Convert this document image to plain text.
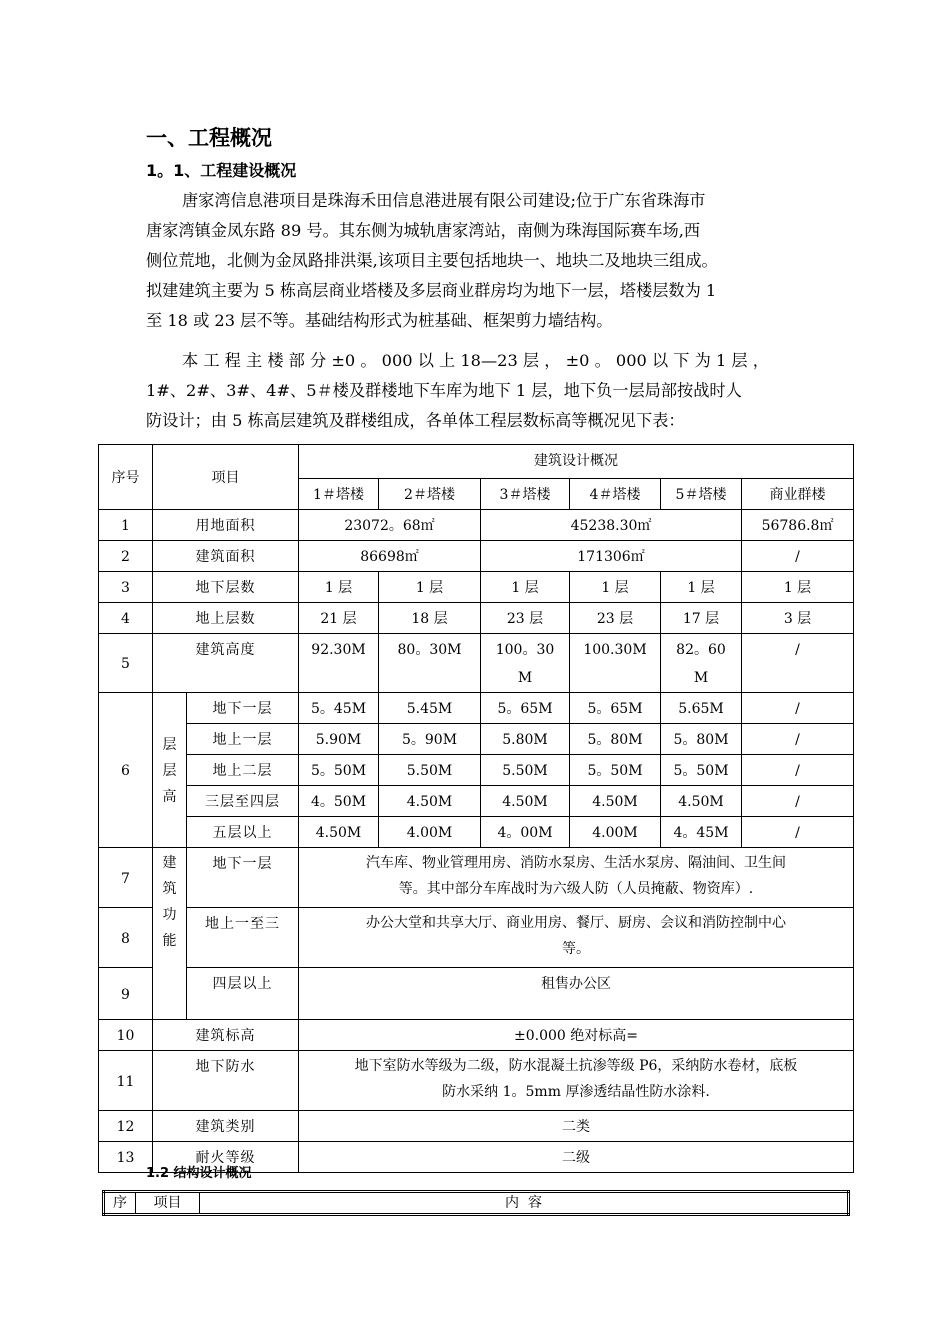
一、工程概况
1。1、工程建设概况
唐家湾信息港项目是珠海禾田信息港进展有限公司建设;位于广东省珠海市
唐家湾镇金凤东路 89 号。其东侧为城轨唐家湾站，南侧为珠海国际赛车场,西
侧位荒地，北侧为金凤路排洪渠,该项目主要包括地块一、地块二及地块三组成。
拟建建筑主要为 5 栋高层商业塔楼及多层商业群房均为地下一层，塔楼层数为 1
至 18 或 23 层不等。基础结构形式为桩基础、框架剪力墙结构。
本 工 程 主 楼 部 分 ±0 。 000 以 上 18—23 层 ， ±0 。 000 以 下 为 1 层 ，
1#、2#、3#、4#、5＃楼及群楼地下车库为地下 1 层，地下负一层局部按战时人
防设计；由 5 栋高层建筑及群楼组成，各单体工程层数标高等概况见下表：
序号	项目		建筑设计概况					
			1＃塔楼	2＃塔楼	3＃塔楼	4＃塔楼	5＃塔楼	商业群楼
1	用地面积		23072。68㎡		45238.30㎡			56786.8㎡
2	建筑面积		86698㎡		171306㎡			/
3	地下层数		1 层	1 层	1 层	1 层	1 层	1 层
4	地上层数		21 层	18 层	23 层	23 层	17 层	3 层
5	建筑高度		92.30M	80。30M	100。30
M	100.30M	82。60
M	/
6	层
层
高	地下一层	5。45M	5.45M	5。65M	5。65M	5.65M	/
		地上一层	5.90M	5。90M	5.80M	5。80M	5。80M	/
		地上二层	5。50M	5.50M	5.50M	5。50M	5。50M	/
		三层至四层	4。50M	4.50M	4.50M	4.50M	4.50M	/
		五层以上	4.50M	4.00M	4。00M	4.00M	4。45M	/
7	建
筑
功
能	地下一层	汽车库、物业管理用房、消防水泵房、生活水泵房、隔油间、卫生间
等。其中部分车库战时为六级人防（人员掩蔽、物资库）.					
8		地上一至三	办公大堂和共享大厅、商业用房、餐厅、厨房、会议和消防控制中心
等。					
9		四层以上	租售办公区					
10	建筑标高		±0.000 绝对标高=					
11	地下防水		地下室防水等级为二级，防水混凝土抗渗等级 P6，采纳防水卷材，底板
防水采纳 1。5mm 厚渗透结晶性防水涂料.					
12	建筑类别		二类					
13	耐火等级		二级					
1.2 结构设计概况
序	项目	内  容
